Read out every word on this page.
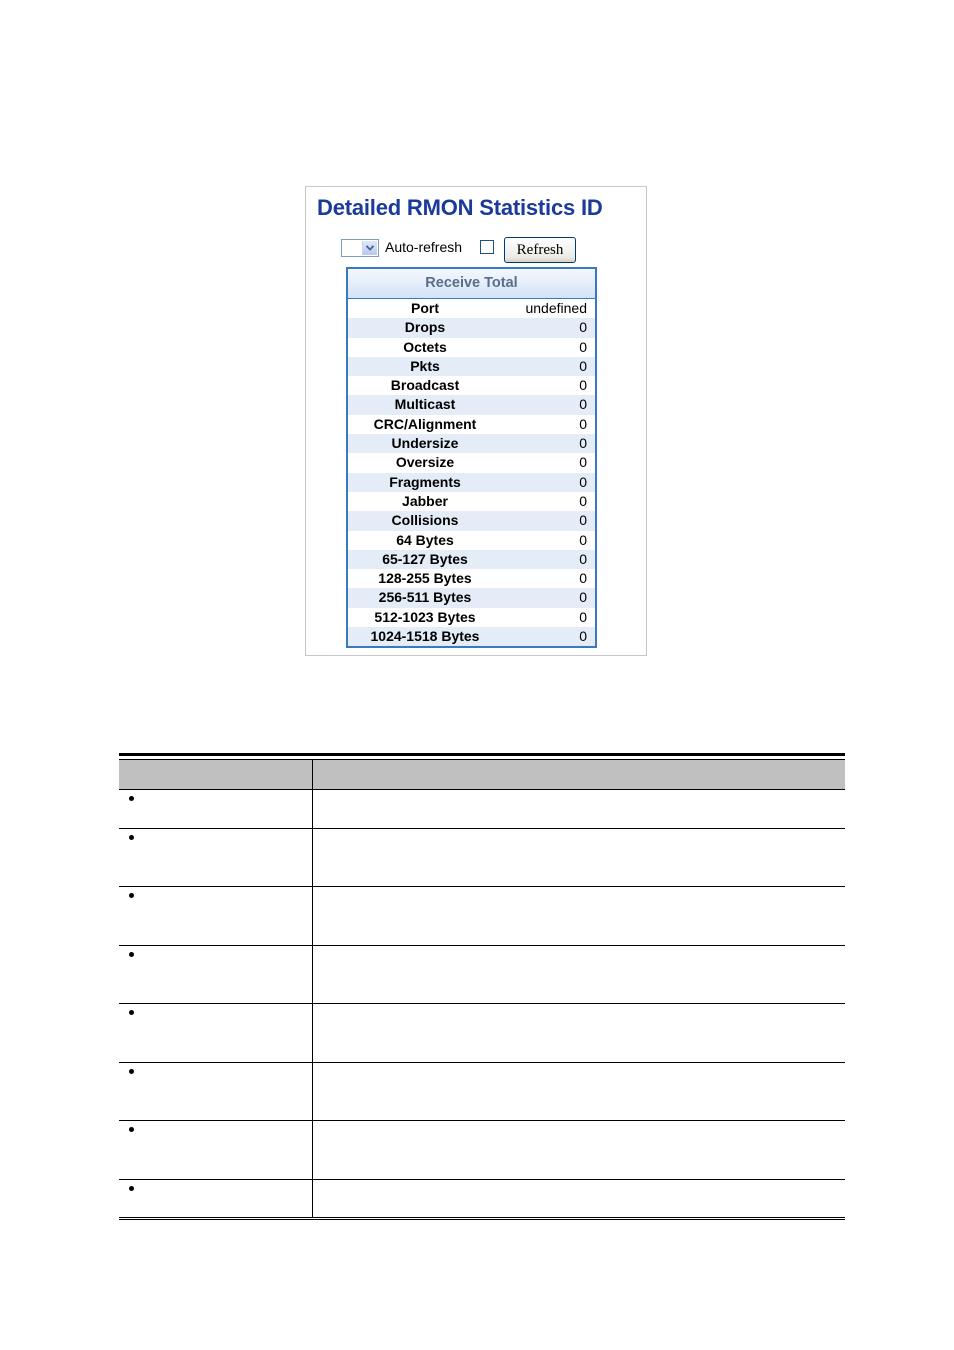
Detailed RMON Statistics ID
Auto-refresh	Refresh
Receive Total
Port	undefined
Drops	0
Octets	0
Pkts	0
Broadcast	0
Multicast	0
CRC/Alignment	0
Undersize	0
Oversize	0
Fragments	0
Jabber	0
Collisions	0
64 Bytes	0
65-127 Bytes	0
128-255 Bytes	0
256-511 Bytes	0
512-1023 Bytes	0
1024-1518 Bytes	0
